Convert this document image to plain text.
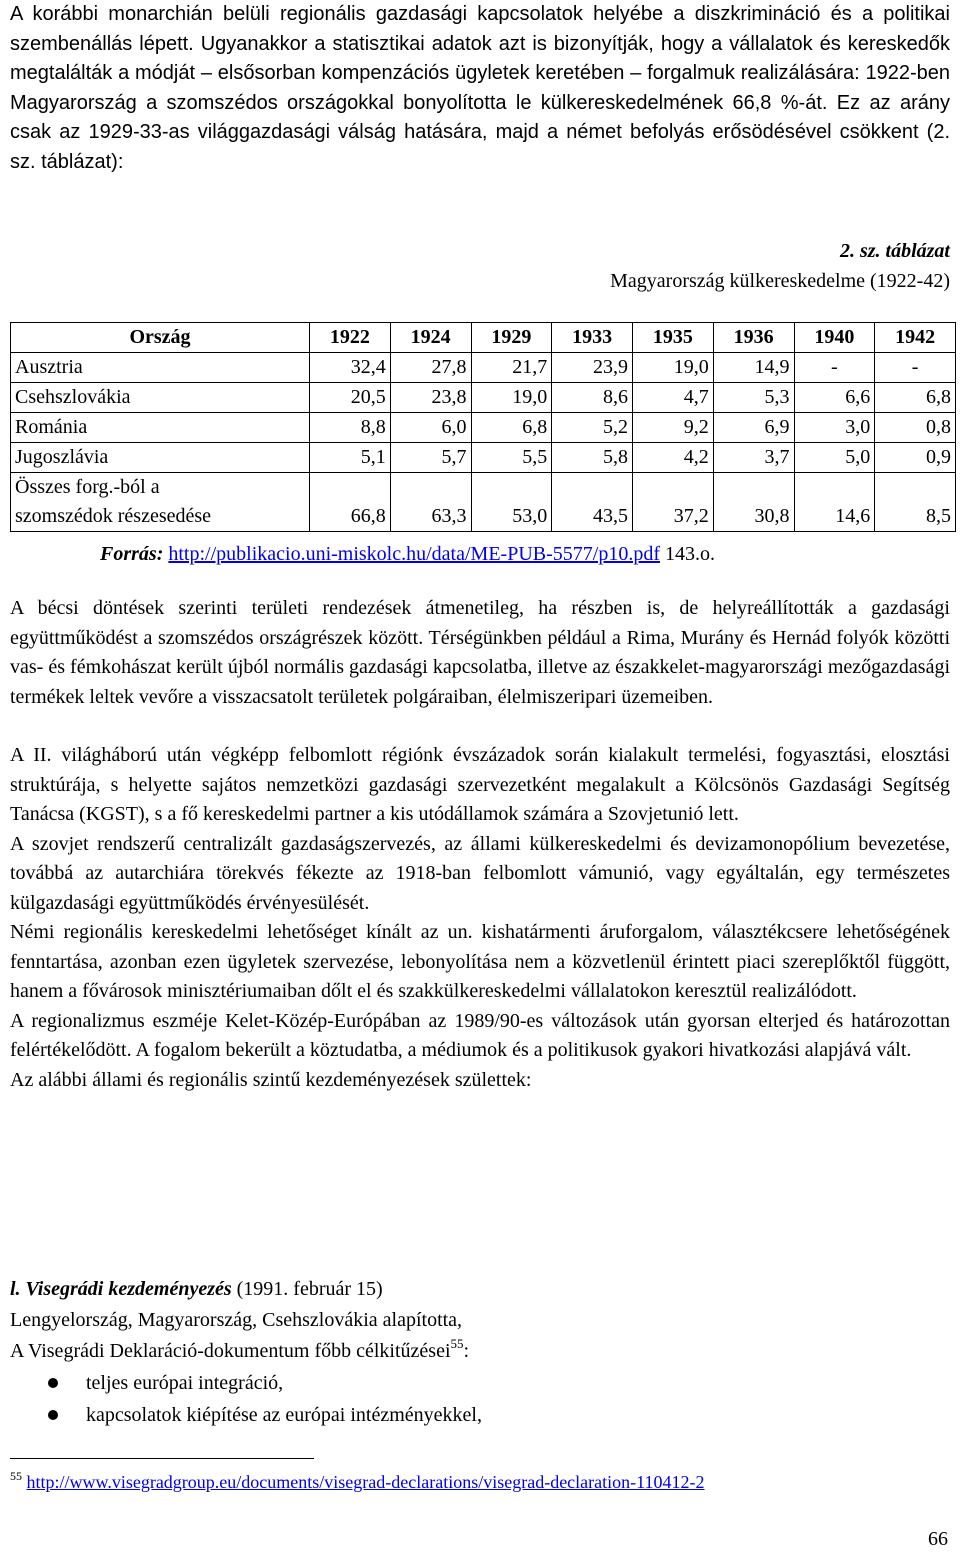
A korábbi monarchián belüli regionális gazdasági kapcsolatok helyébe a diszkrimináció és a politikai szembenállás lépett. Ugyanakkor a statisztikai adatok azt is bizonyítják, hogy a vállalatok és kereskedők megtalálták a módját – elsősorban kompenzációs ügyletek keretében – forgalmuk realizálására: 1922-ben Magyarország a szomszédos országokkal bonyolította le külkereskedelmének 66,8 %-át. Ez az arány csak az 1929-33-as világgazdasági válság hatására, majd a német befolyás erősödésével csökkent (2. sz. táblázat):

2. sz. táblázat
Magyarország külkereskedelme (1922-42)
Ország	1922	1924	1929	1933	1935	1936	1940	1942
Ausztria	32,4	27,8	21,7	23,9	19,0	14,9	-	-
Csehszlovákia	20,5	23,8	19,0	8,6	4,7	5,3	6,6	6,8
Románia	8,8	6,0	6,8	5,2	9,2	6,9	3,0	0,8
Jugoszlávia	5,1	5,7	5,5	5,8	4,2	3,7	5,0	0,9
Összes forg.-ból a
szomszédok részesedése	66,8	63,3	53,0	43,5	37,2	30,8	14,6	8,5
Forrás: http://publikacio.uni-miskolc.hu/data/ME-PUB-5577/p10.pdf 143.o.

A bécsi döntések szerinti területi rendezések átmenetileg, ha részben is, de helyreállították a gazdasági együttműködést a szomszédos országrészek között. Térségünkben például a Rima, Murány és Hernád folyók közötti vas- és fémkohászat került újból normális gazdasági kapcsolatba, illetve az északkelet-magyarországi mezőgazdasági termékek leltek vevőre a visszacsatolt területek polgáraiban, élelmiszeripari üzemeiben.

A II. világháború után végképp felbomlott régiónk évszázadok során kialakult termelési, fogyasztási, elosztási struktúrája, s helyette sajátos nemzetközi gazdasági szervezetként megalakult a Kölcsönös Gazdasági Segítség Tanácsa (KGST), s a fő kereskedelmi partner a kis utódállamok számára a Szovjetunió lett.

A szovjet rendszerű centralizált gazdaságszervezés, az állami külkereskedelmi és devizamonopólium bevezetése, továbbá az autarchiára törekvés fékezte az 1918-ban felbomlott vámunió, vagy egyáltalán, egy természetes külgazdasági együttműködés érvényesülését.

Némi regionális kereskedelmi lehetőséget kínált az un. kishatármenti áruforgalom, választékcsere lehetőségének fenntartása, azonban ezen ügyletek szervezése, lebonyolítása nem a közvetlenül érintett piaci szereplőktől függött, hanem a fővárosok minisztériumaiban dőlt el és szakkülkereskedelmi vállalatokon keresztül realizálódott.

A regionalizmus eszméje Kelet-Közép-Európában az 1989/90-es változások után gyorsan elterjed és határozottan felértékelődött. A fogalom bekerült a köztudatba, a médiumok és a politikusok gyakori hivatkozási alapjává vált.

Az alábbi állami és regionális szintű kezdeményezések születtek:

l. Visegrádi kezdeményezés (1991. február 15)
Lengyelország, Magyarország, Csehszlovákia alapította,
A Visegrádi Deklaráció-dokumentum főbb célkitűzései$^{55}$:
teljes európai integráció,
kapcsolatok kiépítése az európai intézményekkel,
$^{55}$ http://www.visegradgroup.eu/documents/visegrad-declarations/visegrad-declaration-110412-2
66
